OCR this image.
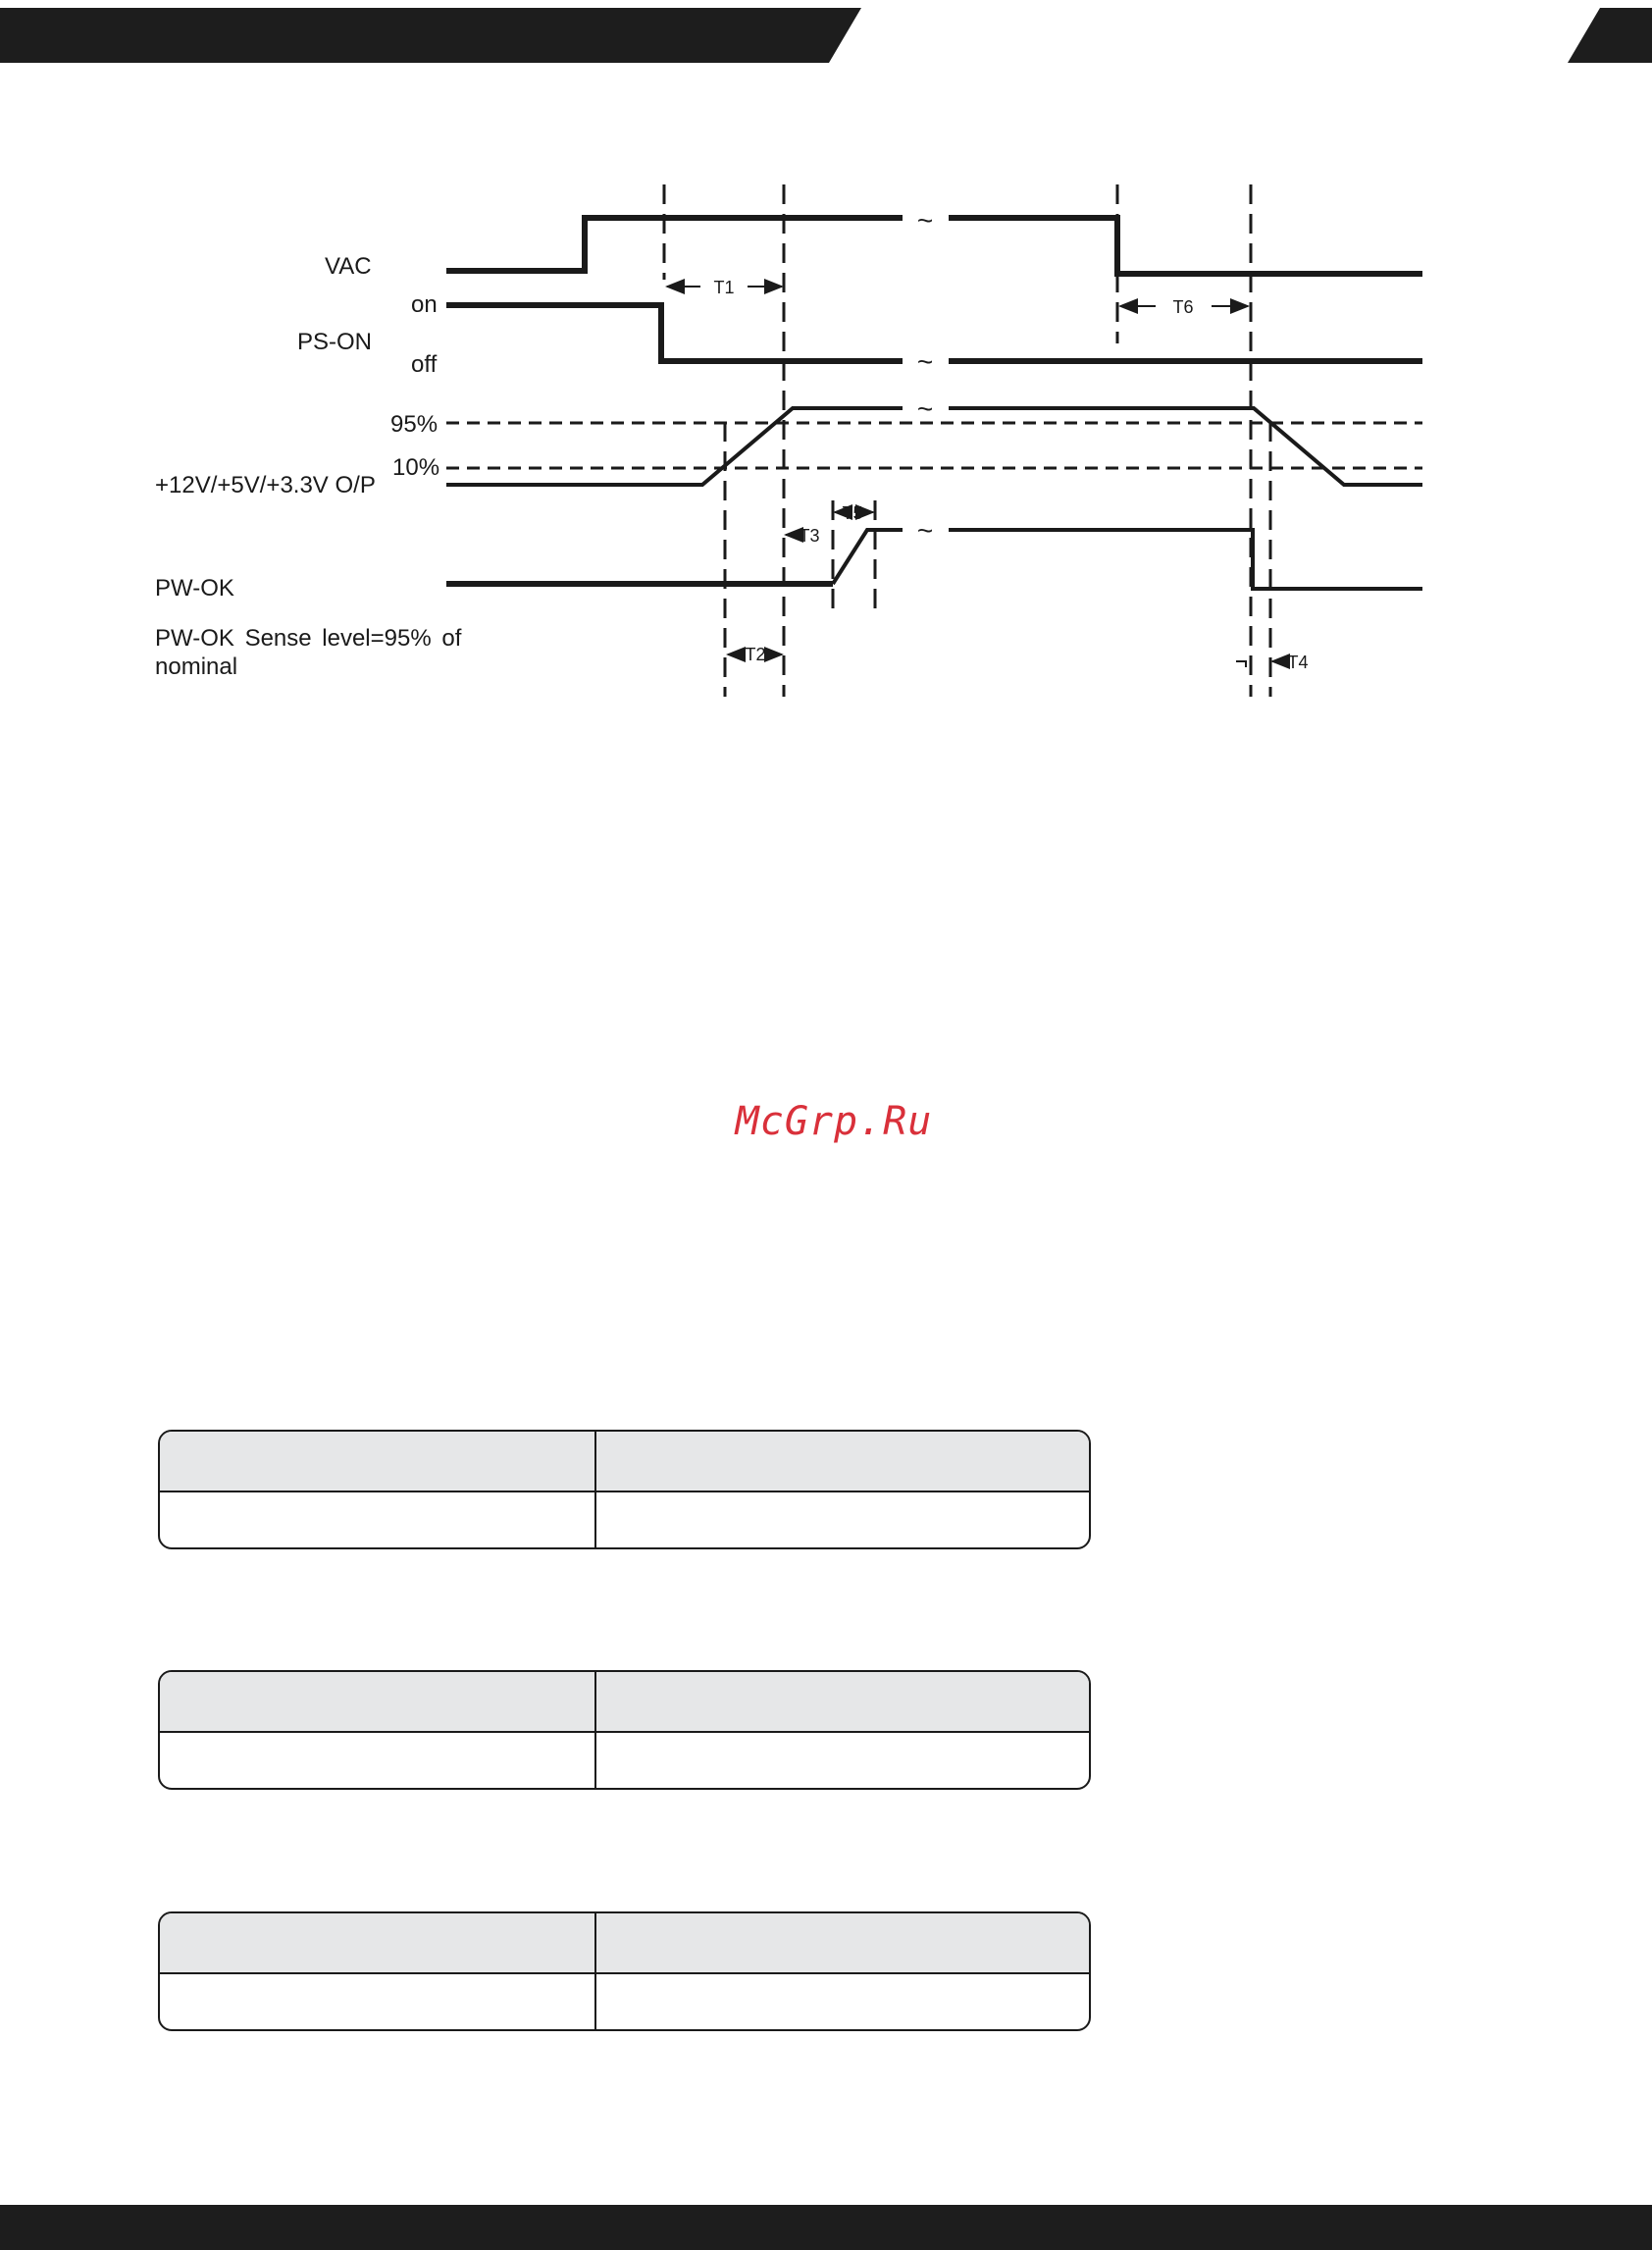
~
~
~
~
VAC
on
PS-ON
off
95%
10%
+12V/+5V/+3.3V O/P
PW-OK
T1
T6
T2
T3
T5
T4
PW-OK Sense level=95% of nominal
McGrp.Ru
